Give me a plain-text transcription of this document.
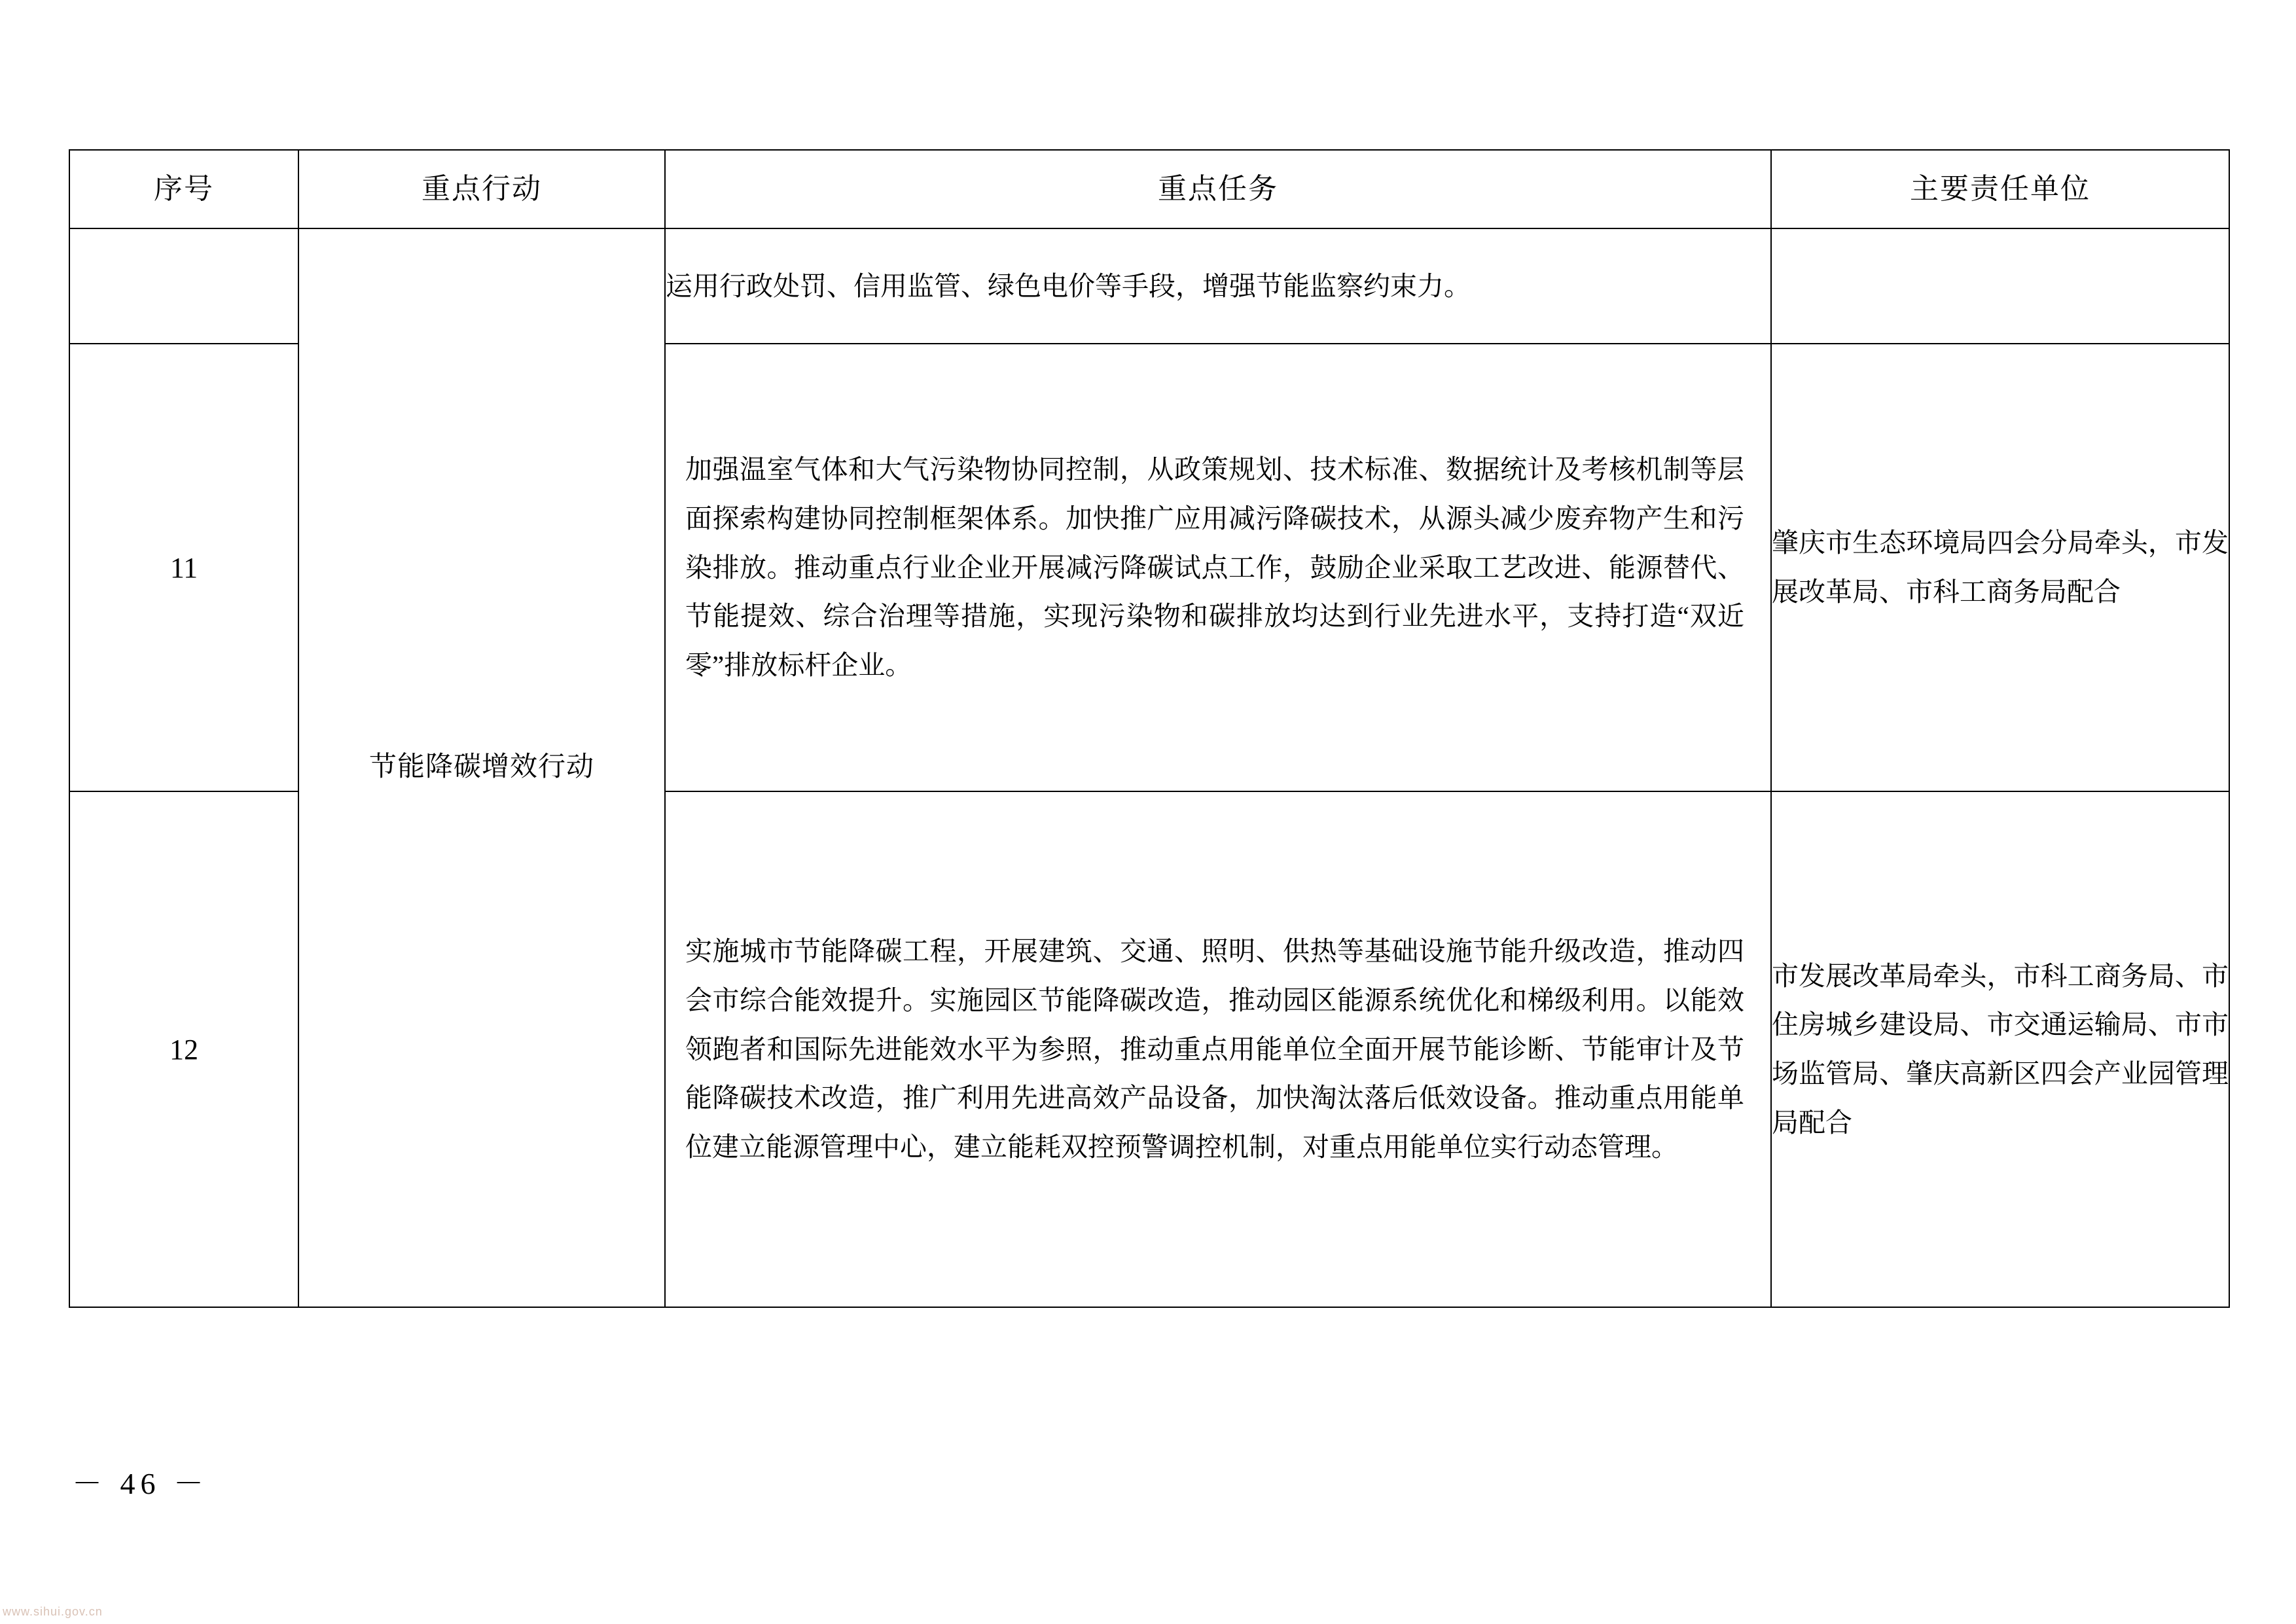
序号	重点行动	重点任务	主要责任单位
	节能降碳增效行动	运用行政处罚、信用监管、绿色电价等手段，增强节能监察约束力。	
11		加强温室气体和大气污染物协同控制，从政策规划、技术标准、数据统计及考核机制等层面探索构建协同控制框架体系。加快推广应用减污降碳技术，从源头减少废弃物产生和污染排放。推动重点行业企业开展减污降碳试点工作，鼓励企业采取工艺改进、能源替代、节能提效、综合治理等措施，实现污染物和碳排放均达到行业先进水平，支持打造“双近零”排放标杆企业。	肇庆市生态环境局四会分局牵头，市发展改革局、市科工商务局配合
12		实施城市节能降碳工程，开展建筑、交通、照明、供热等基础设施节能升级改造，推动四会市综合能效提升。实施园区节能降碳改造，推动园区能源系统优化和梯级利用。以能效领跑者和国际先进能效水平为参照，推动重点用能单位全面开展节能诊断、节能审计及节能降碳技术改造，推广利用先进高效产品设备，加快淘汰落后低效设备。推动重点用能单位建立能源管理中心，建立能耗双控预警调控机制，对重点用能单位实行动态管理。	市发展改革局牵头，市科工商务局、市住房城乡建设局、市交通运输局、市市场监管局、肇庆高新区四会产业园管理局配合
－ 46 －
www.sihui.gov.cn
